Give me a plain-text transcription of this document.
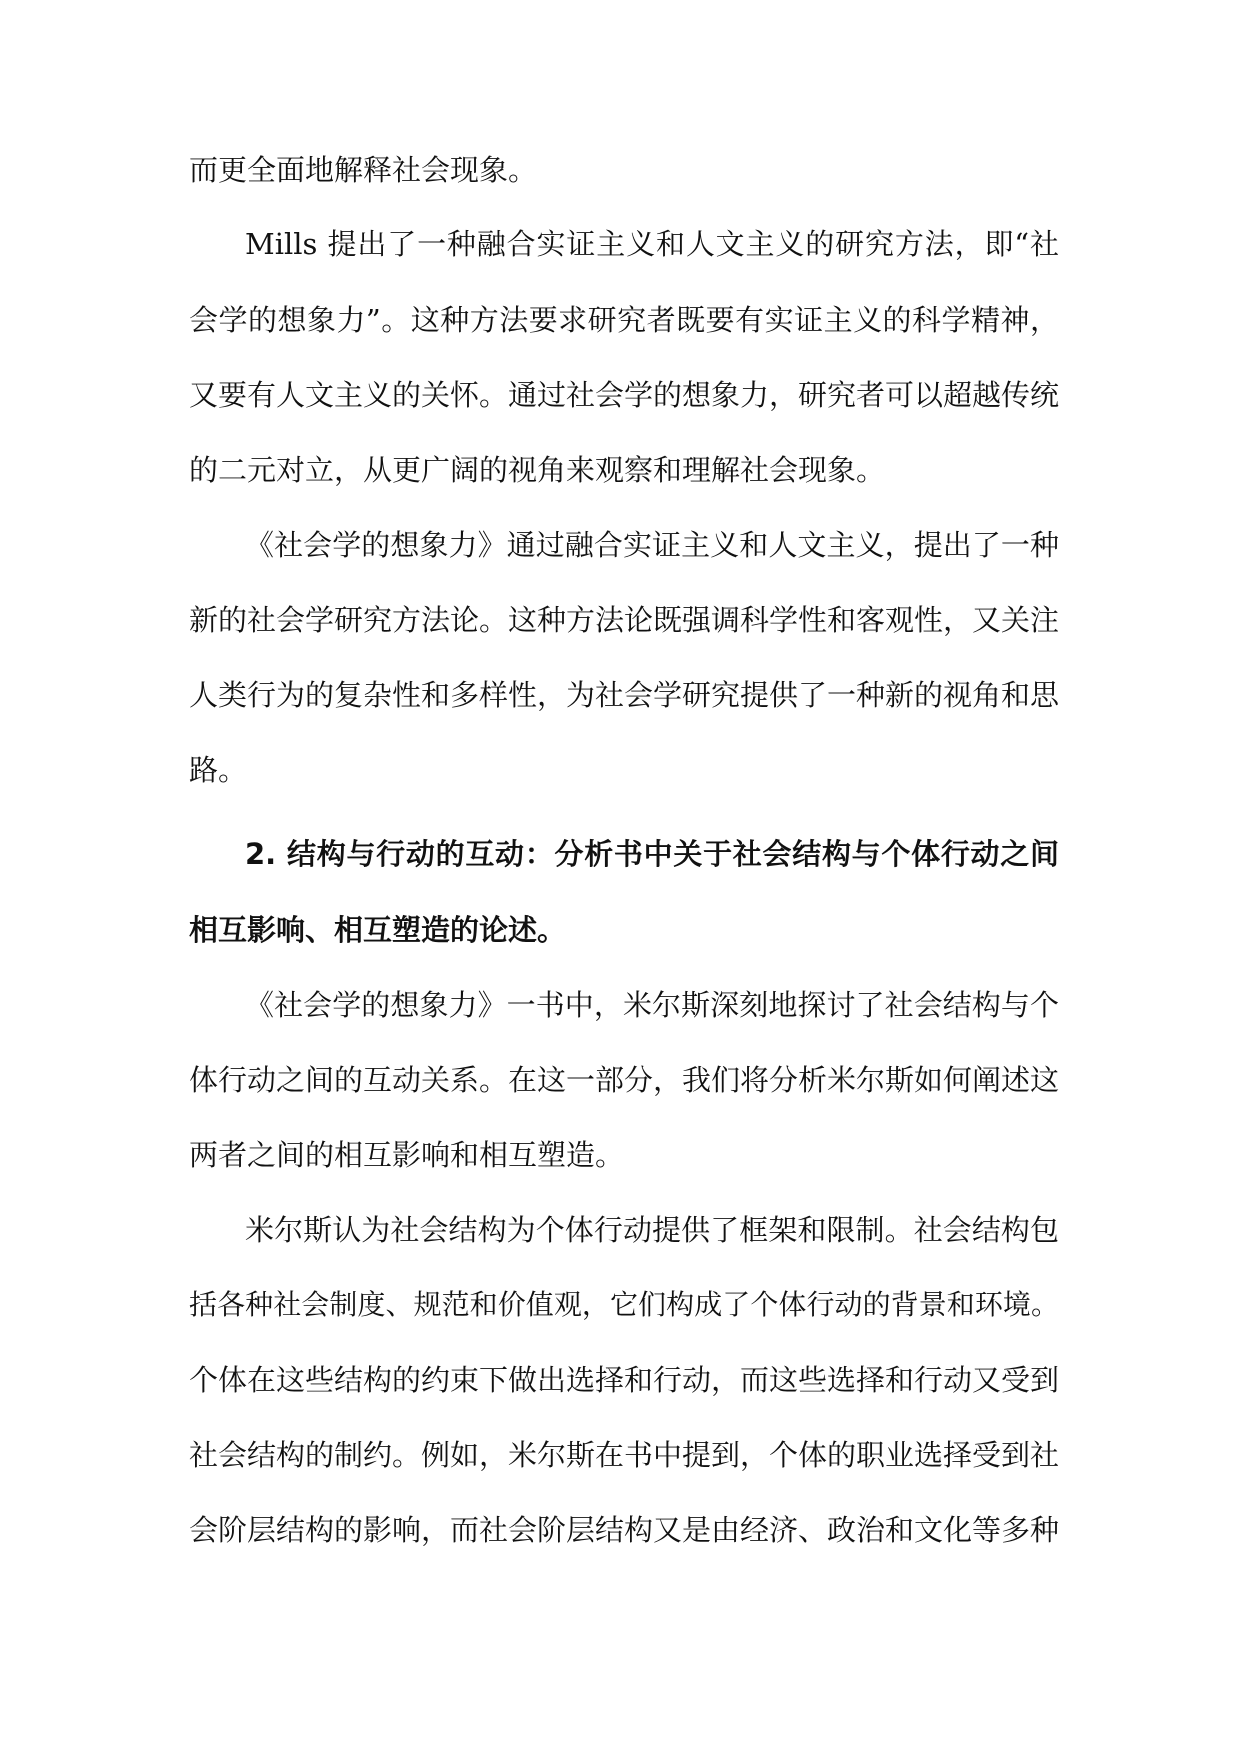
而更全面地解释社会现象。
Mills 提出了一种融合实证主义和人文主义的研究方法，即“社
会学的想象力”。这种方法要求研究者既要有实证主义的科学精神，
又要有人文主义的关怀。通过社会学的想象力，研究者可以超越传统
的二元对立，从更广阔的视角来观察和理解社会现象。
《社会学的想象力》通过融合实证主义和人文主义，提出了一种
新的社会学研究方法论。这种方法论既强调科学性和客观性，又关注
人类行为的复杂性和多样性，为社会学研究提供了一种新的视角和思
路。
2. 结构与行动的互动：分析书中关于社会结构与个体行动之间
相互影响、相互塑造的论述。
《社会学的想象力》一书中，米尔斯深刻地探讨了社会结构与个
体行动之间的互动关系。在这一部分，我们将分析米尔斯如何阐述这
两者之间的相互影响和相互塑造。
米尔斯认为社会结构为个体行动提供了框架和限制。社会结构包
括各种社会制度、规范和价值观，它们构成了个体行动的背景和环境。
个体在这些结构的约束下做出选择和行动，而这些选择和行动又受到
社会结构的制约。例如，米尔斯在书中提到，个体的职业选择受到社
会阶层结构的影响，而社会阶层结构又是由经济、政治和文化等多种
